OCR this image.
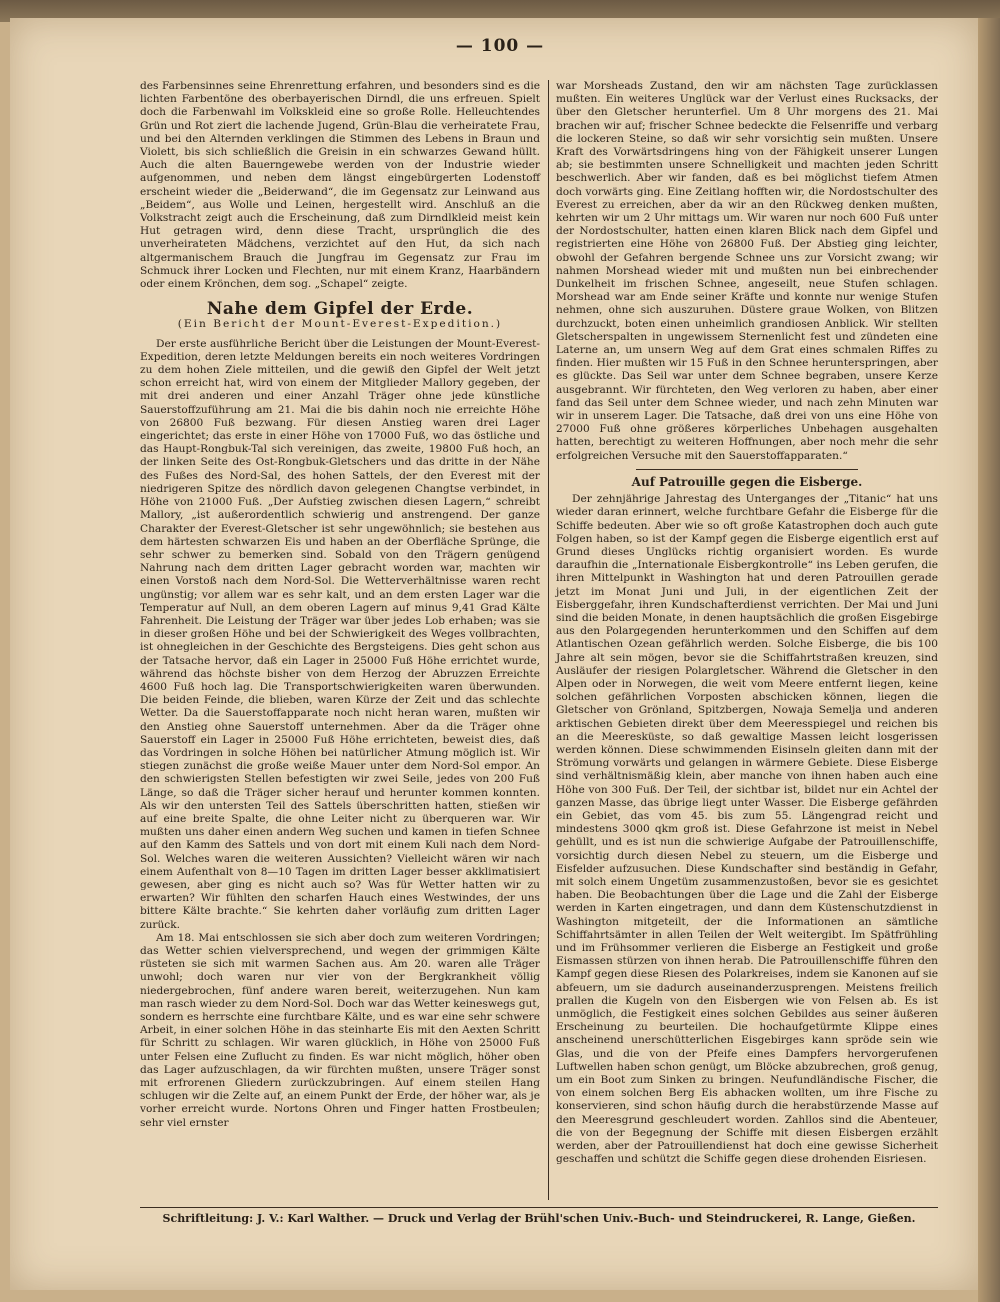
— 100 —

des Farbensinnes seine Ehrenrettung erfahren, und besonders sind es die lichten Farbentöne des oberbayerischen Dirndl, die uns erfreuen. Spielt doch die Farbenwahl im Volkskleid eine so große Rolle. Helleuchtendes Grün und Rot ziert die lachende Jugend, Grün-Blau die verheiratete Frau, und bei den Alternden verklingen die Stimmen des Lebens in Braun und Violett, bis sich schließlich die Greisin in ein schwarzes Gewand hüllt. Auch die alten Bauerngewebe werden von der Industrie wieder aufgenommen, und neben dem längst eingebürgerten Lodenstoff erscheint wieder die „Beiderwand“, die im Gegensatz zur Leinwand aus „Beidem“, aus Wolle und Leinen, hergestellt wird. Anschluß an die Volkstracht zeigt auch die Erscheinung, daß zum Dirndlkleid meist kein Hut getragen wird, denn diese Tracht, ursprünglich die des unverheirateten Mädchens, verzichtet auf den Hut, da sich nach altgermanischem Brauch die Jungfrau im Gegensatz zur Frau im Schmuck ihrer Locken und Flechten, nur mit einem Kranz, Haarbändern oder einem Krönchen, dem sog. „Schapel“ zeigte.

Nahe dem Gipfel der Erde.
(Ein Bericht der Mount-Everest-Expedition.)

Der erste ausführliche Bericht über die Leistungen der Mount-Everest-Expedition, deren letzte Meldungen bereits ein noch weiteres Vordringen zu dem hohen Ziele mitteilen, und die gewiß den Gipfel der Welt jetzt schon erreicht hat, wird von einem der Mitglieder Mallory gegeben, der mit drei anderen und einer Anzahl Träger ohne jede künstliche Sauerstoffzuführung am 21. Mai die bis dahin noch nie erreichte Höhe von 26800 Fuß bezwang. Für diesen Anstieg waren drei Lager eingerichtet; das erste in einer Höhe von 17000 Fuß, wo das östliche und das Haupt-Rongbuk-Tal sich vereinigen, das zweite, 19800 Fuß hoch, an der linken Seite des Ost-Rongbuk-Gletschers und das dritte in der Nähe des Fußes des Nord-Sal, des hohen Sattels, der den Everest mit der niedrigeren Spitze des nördlich davon gelegenen Changtse verbindet, in Höhe von 21000 Fuß. „Der Aufstieg zwischen diesen Lagern,“ schreibt Mallory, „ist außerordentlich schwierig und anstrengend. Der ganze Charakter der Everest-Gletscher ist sehr ungewöhnlich; sie bestehen aus dem härtesten schwarzen Eis und haben an der Oberfläche Sprünge, die sehr schwer zu bemerken sind. Sobald von den Trägern genügend Nahrung nach dem dritten Lager gebracht worden war, machten wir einen Vorstoß nach dem Nord-Sol. Die Wetterverhältnisse waren recht ungünstig; vor allem war es sehr kalt, und an dem ersten Lager war die Temperatur auf Null, an dem oberen Lagern auf minus 9,41 Grad Kälte Fahrenheit. Die Leistung der Träger war über jedes Lob erhaben; was sie in dieser großen Höhe und bei der Schwierigkeit des Weges vollbrachten, ist ohnegleichen in der Geschichte des Bergsteigens. Dies geht schon aus der Tatsache hervor, daß ein Lager in 25000 Fuß Höhe errichtet wurde, während das höchste bisher von dem Herzog der Abruzzen Erreichte 4600 Fuß hoch lag. Die Transportschwierigkeiten waren überwunden. Die beiden Feinde, die blieben, waren Kürze der Zeit und das schlechte Wetter. Da die Sauerstoffapparate noch nicht heran waren, mußten wir den Anstieg ohne Sauerstoff unternehmen. Aber da die Träger ohne Sauerstoff ein Lager in 25000 Fuß Höhe errichteten, beweist dies, daß das Vordringen in solche Höhen bei natürlicher Atmung möglich ist. Wir stiegen zunächst die große weiße Mauer unter dem Nord-Sol empor. An den schwierigsten Stellen befestigten wir zwei Seile, jedes von 200 Fuß Länge, so daß die Träger sicher herauf und herunter kommen konnten. Als wir den untersten Teil des Sattels überschritten hatten, stießen wir auf eine breite Spalte, die ohne Leiter nicht zu überqueren war. Wir mußten uns daher einen andern Weg suchen und kamen in tiefen Schnee auf den Kamm des Sattels und von dort mit einem Kuli nach dem Nord-Sol. Welches waren die weiteren Aussichten? Vielleicht wären wir nach einem Aufenthalt von 8—10 Tagen im dritten Lager besser akklimatisiert gewesen, aber ging es nicht auch so? Was für Wetter hatten wir zu erwarten? Wir fühlten den scharfen Hauch eines Westwindes, der uns bittere Kälte brachte.“ Sie kehrten daher vorläufig zum dritten Lager zurück.

Am 18. Mai entschlossen sie sich aber doch zum weiteren Vordringen; das Wetter schien vielversprechend, und wegen der grimmigen Kälte rüsteten sie sich mit warmen Sachen aus. Am 20. waren alle Träger unwohl; doch waren nur vier von der Bergkrankheit völlig niedergebrochen, fünf andere waren bereit, weiterzugehen. Nun kam man rasch wieder zu dem Nord-Sol. Doch war das Wetter keineswegs gut, sondern es herrschte eine furchtbare Kälte, und es war eine sehr schwere Arbeit, in einer solchen Höhe in das steinharte Eis mit den Aexten Schritt für Schritt zu schlagen. Wir waren glücklich, in Höhe von 25000 Fuß unter Felsen eine Zuflucht zu finden. Es war nicht möglich, höher oben das Lager aufzuschlagen, da wir fürchten mußten, unsere Träger sonst mit erfrorenen Gliedern zurückzubringen. Auf einem steilen Hang schlugen wir die Zelte auf, an einem Punkt der Erde, der höher war, als je vorher erreicht wurde. Nortons Ohren und Finger hatten Frostbeulen; sehr viel ernster

war Morsheads Zustand, den wir am nächsten Tage zurücklassen mußten. Ein weiteres Unglück war der Verlust eines Rucksacks, der über den Gletscher herunterfiel. Um 8 Uhr morgens des 21. Mai brachen wir auf; frischer Schnee bedeckte die Felsenriffe und verbarg die lockeren Steine, so daß wir sehr vorsichtig sein mußten. Unsere Kraft des Vorwärtsdringens hing von der Fähigkeit unserer Lungen ab; sie bestimmten unsere Schnelligkeit und machten jeden Schritt beschwerlich. Aber wir fanden, daß es bei möglichst tiefem Atmen doch vorwärts ging. Eine Zeitlang hofften wir, die Nordostschulter des Everest zu erreichen, aber da wir an den Rückweg denken mußten, kehrten wir um 2 Uhr mittags um. Wir waren nur noch 600 Fuß unter der Nordostschulter, hatten einen klaren Blick nach dem Gipfel und registrierten eine Höhe von 26800 Fuß. Der Abstieg ging leichter, obwohl der Gefahren bergende Schnee uns zur Vorsicht zwang; wir nahmen Morshead wieder mit und mußten nun bei einbrechender Dunkelheit im frischen Schnee, angeseilt, neue Stufen schlagen. Morshead war am Ende seiner Kräfte und konnte nur wenige Stufen nehmen, ohne sich auszuruhen. Düstere graue Wolken, von Blitzen durchzuckt, boten einen unheimlich grandiosen Anblick. Wir stellten Gletscherspalten in ungewissem Sternenlicht fest und zündeten eine Laterne an, um unsern Weg auf dem Grat eines schmalen Riffes zu finden. Hier mußten wir 15 Fuß in den Schnee herunterspringen, aber es glückte. Das Seil war unter dem Schnee begraben, unsere Kerze ausgebrannt. Wir fürchteten, den Weg verloren zu haben, aber einer fand das Seil unter dem Schnee wieder, und nach zehn Minuten war wir in unserem Lager. Die Tatsache, daß drei von uns eine Höhe von 27000 Fuß ohne größeres körperliches Unbehagen ausgehalten hatten, berechtigt zu weiteren Hoffnungen, aber noch mehr die sehr erfolgreichen Versuche mit den Sauerstoffapparaten.“

Auf Patrouille gegen die Eisberge.

Der zehnjährige Jahrestag des Unterganges der „Titanic“ hat uns wieder daran erinnert, welche furchtbare Gefahr die Eisberge für die Schiffe bedeuten. Aber wie so oft große Katastrophen doch auch gute Folgen haben, so ist der Kampf gegen die Eisberge eigentlich erst auf Grund dieses Unglücks richtig organisiert worden. Es wurde daraufhin die „Internationale Eisbergkontrolle“ ins Leben gerufen, die ihren Mittelpunkt in Washington hat und deren Patrouillen gerade jetzt im Monat Juni und Juli, in der eigentlichen Zeit der Eisberggefahr, ihren Kundschafterdienst verrichten. Der Mai und Juni sind die beiden Monate, in denen hauptsächlich die großen Eisgebirge aus den Polargegenden herunterkommen und den Schiffen auf dem Atlantischen Ozean gefährlich werden. Solche Eisberge, die bis 100 Jahre alt sein mögen, bevor sie die Schiffahrtstraßen kreuzen, sind Ausläufer der riesigen Polargletscher. Während die Gletscher in den Alpen oder in Norwegen, die weit vom Meere entfernt liegen, keine solchen gefährlichen Vorposten abschicken können, liegen die Gletscher von Grönland, Spitzbergen, Nowaja Semelja und anderen arktischen Gebieten direkt über dem Meeresspiegel und reichen bis an die Meeresküste, so daß gewaltige Massen leicht losgerissen werden können. Diese schwimmenden Eisinseln gleiten dann mit der Strömung vorwärts und gelangen in wärmere Gebiete. Diese Eisberge sind verhältnismäßig klein, aber manche von ihnen haben auch eine Höhe von 300 Fuß. Der Teil, der sichtbar ist, bildet nur ein Achtel der ganzen Masse, das übrige liegt unter Wasser. Die Eisberge gefährden ein Gebiet, das vom 45. bis zum 55. Längengrad reicht und mindestens 3000 qkm groß ist. Diese Gefahrzone ist meist in Nebel gehüllt, und es ist nun die schwierige Aufgabe der Patrouillenschiffe, vorsichtig durch diesen Nebel zu steuern, um die Eisberge und Eisfelder aufzusuchen. Diese Kundschafter sind beständig in Gefahr, mit solch einem Ungetüm zusammenzustoßen, bevor sie es gesichtet haben. Die Beobachtungen über die Lage und die Zahl der Eisberge werden in Karten eingetragen, und dann dem Küstenschutzdienst in Washington mitgeteilt, der die Informationen an sämtliche Schiffahrtsämter in allen Teilen der Welt weitergibt. Im Spätfrühling und im Frühsommer verlieren die Eisberge an Festigkeit und große Eismassen stürzen von ihnen herab. Die Patrouillenschiffe führen den Kampf gegen diese Riesen des Polarkreises, indem sie Kanonen auf sie abfeuern, um sie dadurch auseinanderzusprengen. Meistens freilich prallen die Kugeln von den Eisbergen wie von Felsen ab. Es ist unmöglich, die Festigkeit eines solchen Gebildes aus seiner äußeren Erscheinung zu beurteilen. Die hochaufgetürmte Klippe eines anscheinend unerschütterlichen Eisgebirges kann spröde sein wie Glas, und die von der Pfeife eines Dampfers hervorgerufenen Luftwellen haben schon genügt, um Blöcke abzubrechen, groß genug, um ein Boot zum Sinken zu bringen. Neufundländische Fischer, die von einem solchen Berg Eis abhacken wollten, um ihre Fische zu konservieren, sind schon häufig durch die herabstürzende Masse auf den Meeresgrund geschleudert worden. Zahllos sind die Abenteuer, die von der Begegnung der Schiffe mit diesen Eisbergen erzählt werden, aber der Patrouillendienst hat doch eine gewisse Sicherheit geschaffen und schützt die Schiffe gegen diese drohenden Eisriesen.

Schriftleitung: J. V.: Karl Walther. — Druck und Verlag der Brühl'schen Univ.-Buch- und Steindruckerei, R. Lange, Gießen.
